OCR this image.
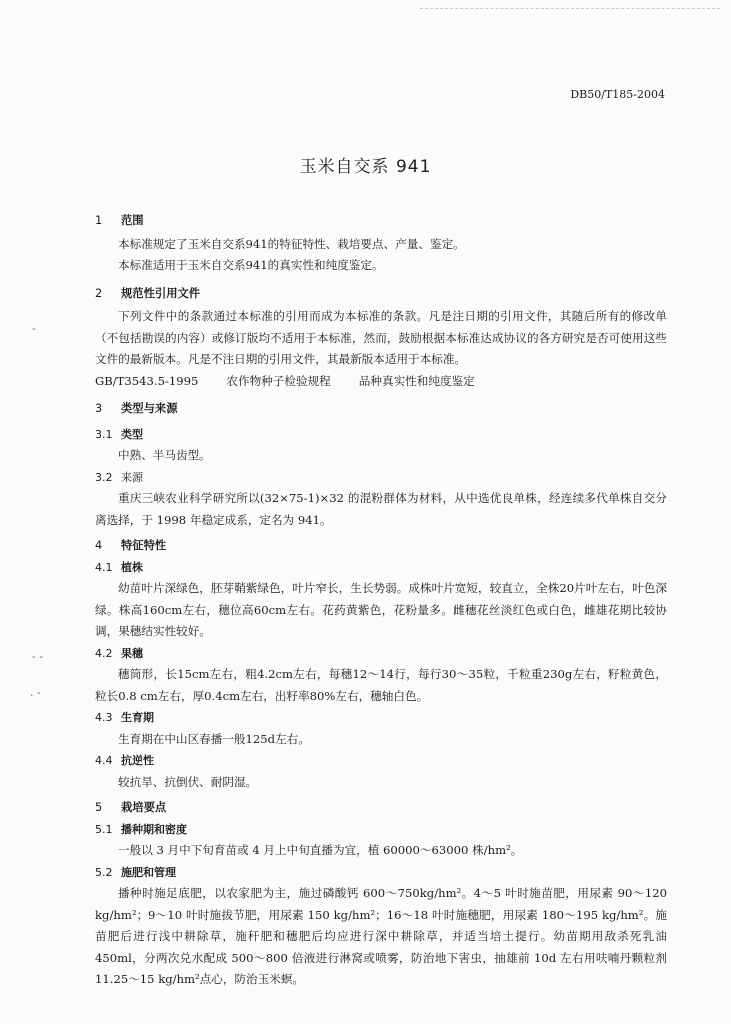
DB50/T185-2004
玉米自交系 941
-
- -
. -
1 范围

本标准规定了玉米自交系941的特征特性、栽培要点、产量、鉴定。

本标准适用于玉米自交系941的真实性和纯度鉴定。

2 规范性引用文件

下列文件中的条款通过本标准的引用而成为本标准的条款。凡是注日期的引用文件，其随后所有的修改单（不包括勘误的内容）或修订版均不适用于本标准，然而，鼓励根据本标准达成协议的各方研究是否可使用这些文件的最新版本。凡是不注日期的引用文件，其最新版本适用于本标准。

GB/T3543.5-1995 农作物种子检验规程 品种真实性和纯度鉴定

3 类型与来源
3.1 类型

中熟、半马齿型。

3.2 来源

重庆三峡农业科学研究所以(32×75-1)×32 的混粉群体为材料，从中选优良单株，经连续多代单株自交分离选择，于 1998 年稳定成系，定名为 941。

4 特征特性
4.1 植株

幼苗叶片深绿色，胚芽鞘紫绿色，叶片窄长，生长势弱。成株叶片宽短，较直立，全株20片叶左右，叶色深绿。株高160cm左右，穗位高60cm左右。花药黄紫色，花粉量多。雌穗花丝淡红色或白色，雌雄花期比较协调，果穗结实性较好。

4.2 果穗

穗筒形，长15cm左右，粗4.2cm左右，每穗12～14行，每行30～35粒，千粒重230g左右，籽粒黄色，粒长0.8 cm左右，厚0.4cm左右，出籽率80%左右，穗轴白色。

4.3 生育期

生育期在中山区春播一般125d左右。

4.4 抗逆性

较抗旱、抗倒伏、耐阴湿。

5 栽培要点
5.1 播种期和密度

一般以 3 月中下旬育苗或 4 月上中旬直播为宜，植 60000～63000 株/hm²。

5.2 施肥和管理

播种时施足底肥，以农家肥为主，施过磷酸钙 600～750kg/hm²。4～5 叶时施苗肥，用尿素 90～120 kg/hm²；9～10 叶时施拔节肥，用尿素 150 kg/hm²；16～18 叶时施穗肥，用尿素 180～195 kg/hm²。施苗肥后进行浅中耕除草，施秆肥和穗肥后均应进行深中耕除草，并适当培土提行。幼苗期用敌杀死乳油 450ml，分两次兑水配成 500～800 倍液进行淋窝或喷雾，防治地下害虫，抽雄前 10d 左右用呋喃丹颗粒剂 11.25～15 kg/hm²点心，防治玉米螟。
